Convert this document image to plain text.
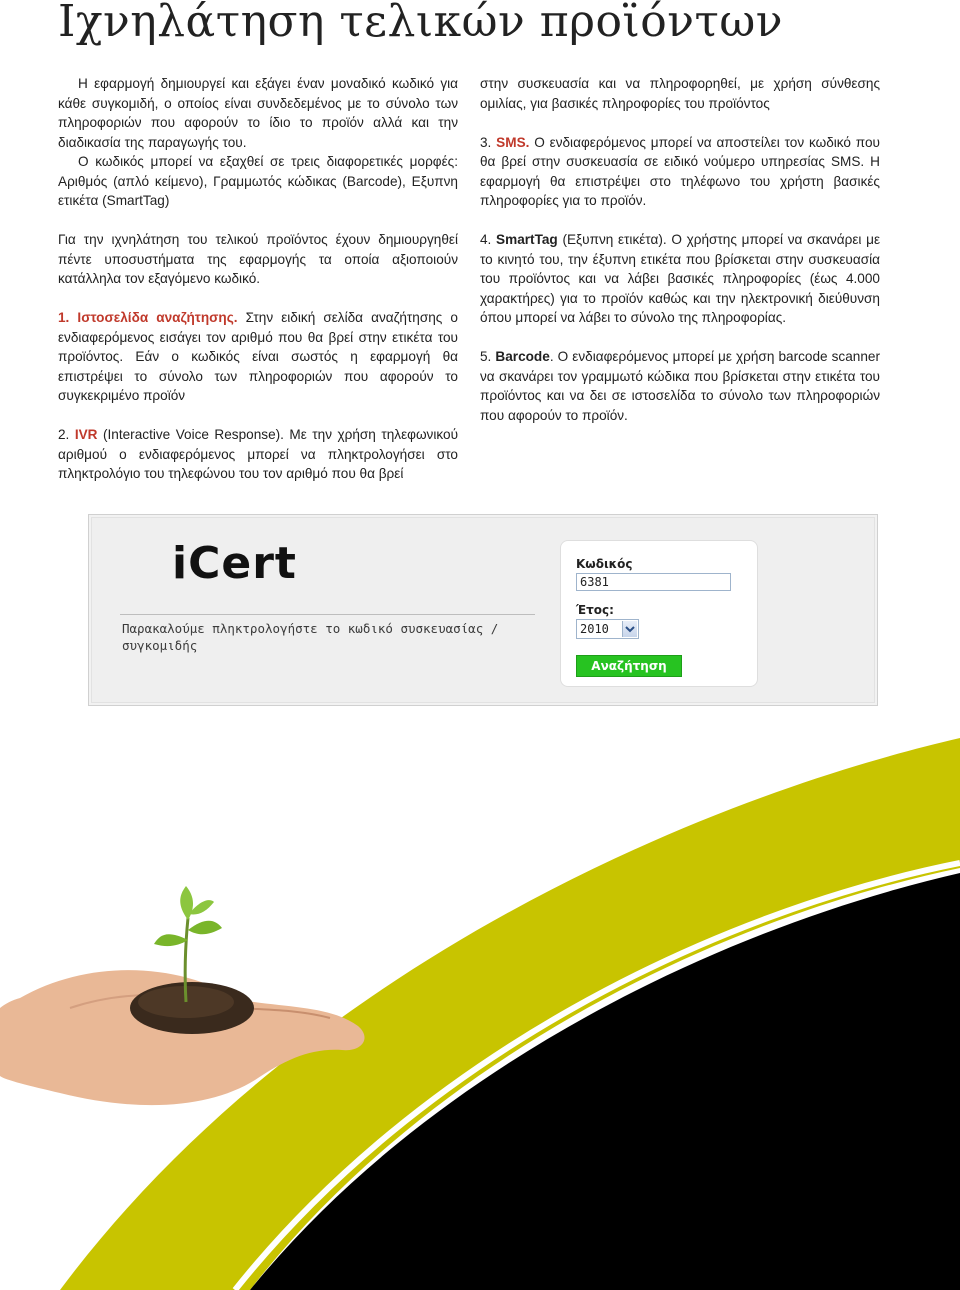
Ιχνηλάτηση τελικών προϊόντων

Η εφαρμογή δημιουργεί και εξάγει έναν μοναδικό κωδικό για κάθε συγκομιδή, ο οποίος είναι συνδεδεμένος με το σύνολο των πληροφοριών που αφορούν το ίδιο το προϊόν αλλά και την διαδικασία της παραγωγής του.

Ο κωδικός μπορεί να εξαχθεί σε τρεις διαφορετικές μορφές: Αριθμός (απλό κείμενο), Γραμμωτός κώδικας (Barcode), Εξυπνη ετικέτα (SmartTag)

Για την ιχνηλάτηση του τελικού προϊόντος έχουν δημιουργηθεί πέντε υποσυστήματα της εφαρμογής τα οποία αξιοποιούν κατάλληλα τον εξαγόμενο κωδικό.

1. Ιστοσελίδα αναζήτησης. Στην ειδική σελίδα αναζήτησης ο ενδιαφερόμενος εισάγει τον αριθμό που θα βρεί στην ετικέτα του προϊόντος. Εάν ο κωδικός είναι σωστός η εφαρμογή θα επιστρέψει το σύνολο των πληροφοριών που αφορούν το συγκεκριμένο προϊόν

2. IVR (Interactive Voice Response). Με την χρήση τηλεφωνικού αριθμού ο ενδιαφερόμενος μπορεί να πληκτρολογήσει στο πληκτρολόγιο του τηλεφώνου του τον αριθμό που θα βρεί

στην συσκευασία και να πληροφορηθεί, με χρήση σύνθεσης ομιλίας, για βασικές πληροφορίες του προϊόντος

3. SMS. Ο ενδιαφερόμενος μπορεί να αποστείλει τον κωδικό που θα βρεί στην συσκευασία σε ειδικό νούμερο υπηρεσίας SMS. Η εφαρμογή θα επιστρέψει στο τηλέφωνο του χρήστη βασικές πληροφορίες για το προϊόν.

4. SmartTag (Εξυπνη ετικέτα). Ο χρήστης μπορεί να σκανάρει με το κινητό του, την έξυπνη ετικέτα που βρίσκεται στην συσκευασία του προϊόντος και να λάβει βασικές πληροφορίες (έως 4.000 χαρακτήρες) για το προϊόν καθώς και την ηλεκτρονική διεύθυνση όπου μπορεί να λάβει το σύνολο της πληροφορίας.

5. Barcode. Ο ενδιαφερόμενος μπορεί με χρήση barcode scanner να σκανάρει τον γραμμωτό κώδικα που βρίσκεται στην ετικέτα του προϊόντος και να δει σε ιστοσελίδα το σύνολο των πληροφοριών που αφορούν το προϊόν.

iCert
Παρακαλούμε πληκτρολογήστε το κωδικό συσκευασίας / συγκομιδής
Κωδικός
6381
Έτος:
2010
Αναζήτηση
